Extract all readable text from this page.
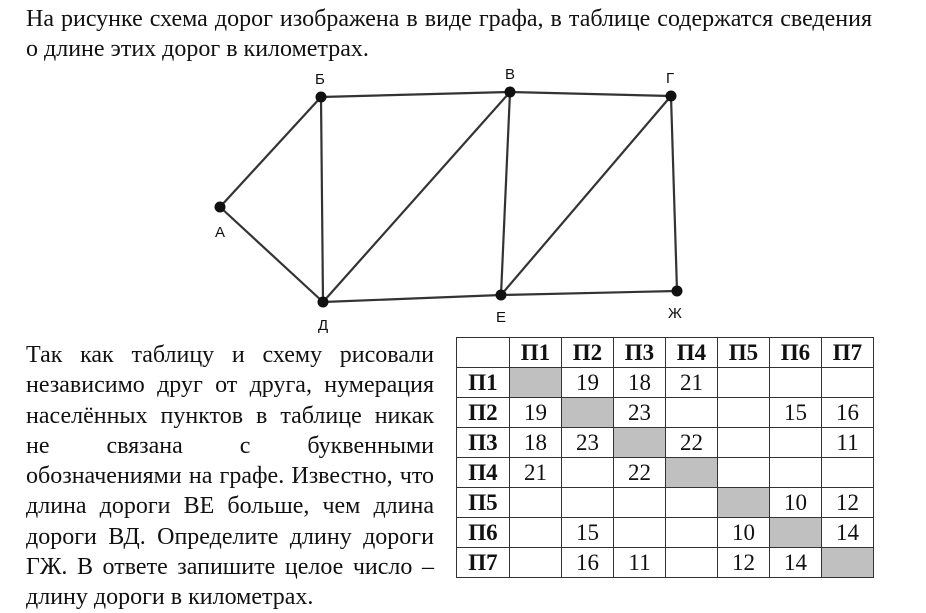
На рисунке схема дорог изображена в виде графа, в таблице содержатся сведения о длине этих дорог в километрах.

А
Б	В	Г
Д	Е	Ж

Так как таблицу и схему рисовали независимо друг от друга, нумерация населённых пунктов в таблице никак не связана с буквенными обозначениями на графе. Известно, что длина дороги ВЕ больше, чем длина дороги ВД. Определите длину дороги ГЖ. В ответе запишите целое число – длину дороги в километрах.

	П1	П2	П3	П4	П5	П6	П7
П1		19	18	21			
П2	19		23			15	16
П3	18	23		22			11
П4	21		22				
П5						10	12
П6		15			10		14
П7		16	11		12	14	
